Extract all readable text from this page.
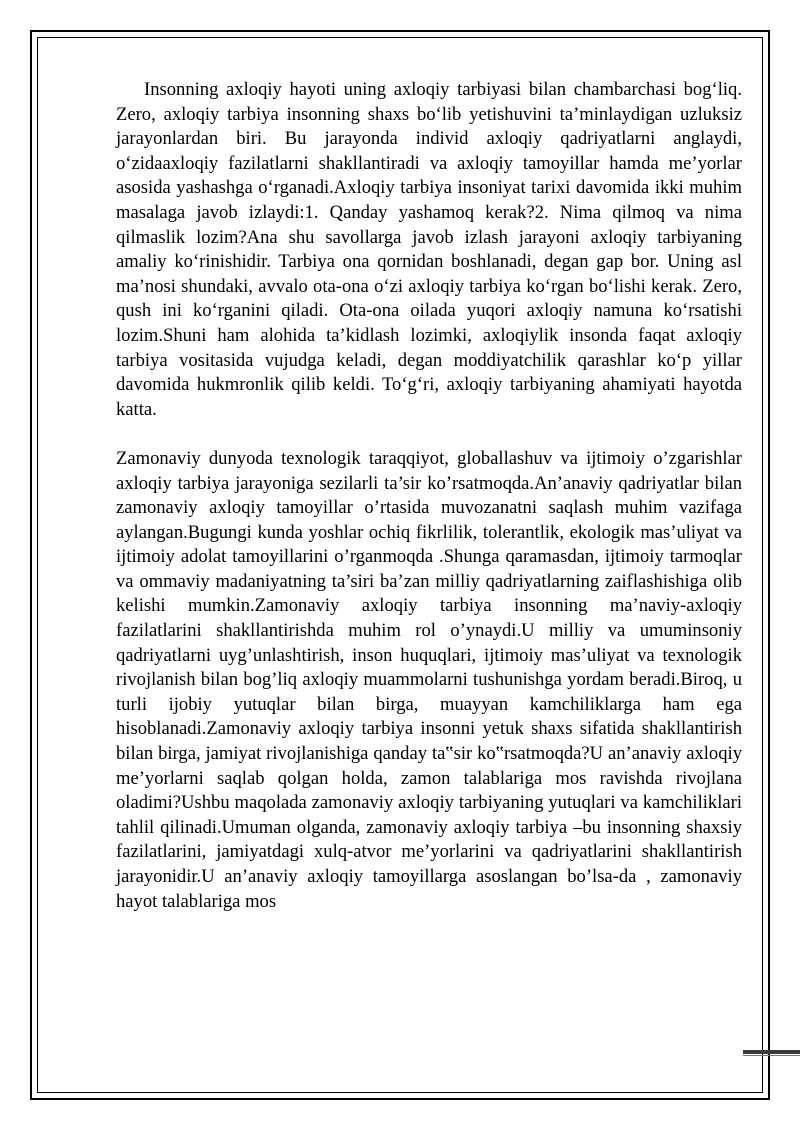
Insonning axloqiy hayoti uning axloqiy tarbiyasi bilan chambarchasi bog‘liq. Zero, axloqiy tarbiya insonning shaxs bo‘lib yetishuvini ta’minlaydigan uzluksiz jarayonlardan biri. Bu jarayonda individ axloqiy qadriyatlarni anglaydi, o‘zidaaxloqiy fazilatlarni shakllantiradi va axloqiy tamoyillar hamda me’yorlar asosida yashashga o‘rganadi.Axloqiy tarbiya insoniyat tarixi davomida ikki muhim masalaga javob izlaydi:1. Qanday yashamoq kerak?2. Nima qilmoq va nima qilmaslik lozim?Ana shu savollarga javob izlash jarayoni axloqiy tarbiyaning amaliy ko‘rinishidir. Tarbiya ona qornidan boshlanadi, degan gap bor. Uning asl ma’nosi shundaki, avvalo ota-ona o‘zi axloqiy tarbiya ko‘rgan bo‘lishi kerak. Zero, qush ini ko‘rganini qiladi. Ota-ona oilada yuqori axloqiy namuna ko‘rsatishi lozim.Shuni ham alohida ta’kidlash lozimki, axloqiylik insonda faqat axloqiy tarbiya vositasida vujudga keladi, degan moddiyatchilik qarashlar ko‘p yillar davomida hukmronlik qilib keldi. To‘g‘ri, axloqiy tarbiyaning ahamiyati hayotda katta.

Zamonaviy dunyoda texnologik taraqqiyot, globallashuv va ijtimoiy o’zgarishlar axloqiy tarbiya jarayoniga sezilarli ta’sir ko’rsatmoqda.An’anaviy qadriyatlar bilan zamonaviy axloqiy tamoyillar o’rtasida muvozanatni saqlash muhim vazifaga aylangan.Bugungi kunda yoshlar ochiq fikrlilik, tolerantlik, ekologik mas’uliyat va ijtimoiy adolat tamoyillarini o’rganmoqda .Shunga qaramasdan, ijtimoiy tarmoqlar va ommaviy madaniyatning ta’siri ba’zan milliy qadriyatlarning zaiflashishiga olib kelishi mumkin.Zamonaviy axloqiy tarbiya insonning ma’naviy-axloqiy fazilatlarini shakllantirishda muhim rol o’ynaydi.U milliy va umuminsoniy qadriyatlarni uyg’unlashtirish, inson huquqlari, ijtimoiy mas’uliyat va texnologik rivojlanish bilan bog’liq axloqiy muammolarni tushunishga yordam beradi.Biroq, u turli ijobiy yutuqlar bilan birga, muayyan kamchiliklarga ham ega hisoblanadi.Zamonaviy axloqiy tarbiya insonni yetuk shaxs sifatida shakllantirish bilan birga, jamiyat rivojlanishiga qanday ta‟sir ko‟rsatmoqda?U an’anaviy axloqiy me’yorlarni saqlab qolgan holda, zamon talablariga mos ravishda rivojlana oladimi?Ushbu maqolada zamonaviy axloqiy tarbiyaning yutuqlari va kamchiliklari tahlil qilinadi.Umuman olganda, zamonaviy axloqiy tarbiya –bu insonning shaxsiy fazilatlarini, jamiyatdagi xulq-atvor me’yorlarini va qadriyatlarini shakllantirish jarayonidir.U an’anaviy axloqiy tamoyillarga asoslangan bo’lsa-da , zamonaviy hayot talablariga mos
